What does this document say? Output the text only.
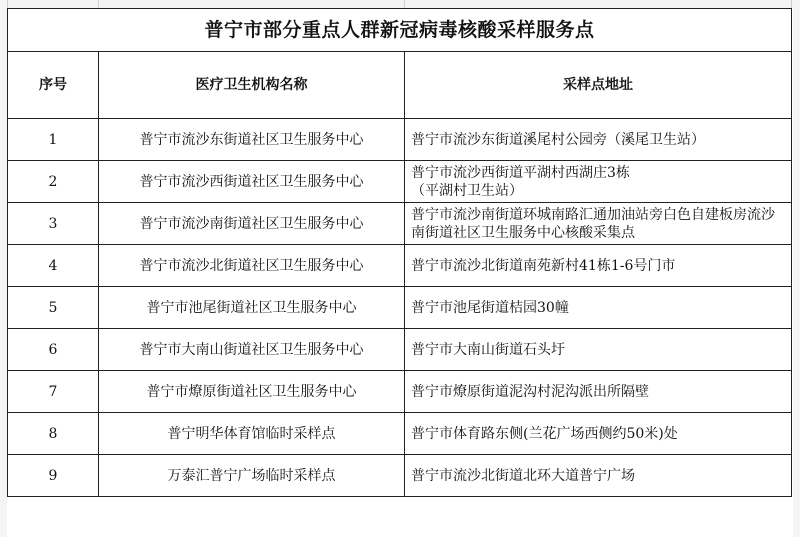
普宁市部分重点人群新冠病毒核酸采样服务点		
序号	医疗卫生机构名称	采样点地址
1	普宁市流沙东街道社区卫生服务中心	普宁市流沙东街道溪尾村公园旁（溪尾卫生站）
2	普宁市流沙西街道社区卫生服务中心	普宁市流沙西街道平湖村西湖庄3栋
（平湖村卫生站）
3	普宁市流沙南街道社区卫生服务中心	普宁市流沙南街道环城南路汇通加油站旁白色自建板房流沙南街道社区卫生服务中心核酸采集点
4	普宁市流沙北街道社区卫生服务中心	普宁市流沙北街道南苑新村41栋1-6号门市
5	普宁市池尾街道社区卫生服务中心	普宁市池尾街道桔园30幢
6	普宁市大南山街道社区卫生服务中心	普宁市大南山街道石头圩
7	普宁市燎原街道社区卫生服务中心	普宁市燎原街道泥沟村泥沟派出所隔壁
8	普宁明华体育馆临时采样点	普宁市体育路东侧(兰花广场西侧约50米)处
9	万泰汇普宁广场临时采样点	普宁市流沙北街道北环大道普宁广场
